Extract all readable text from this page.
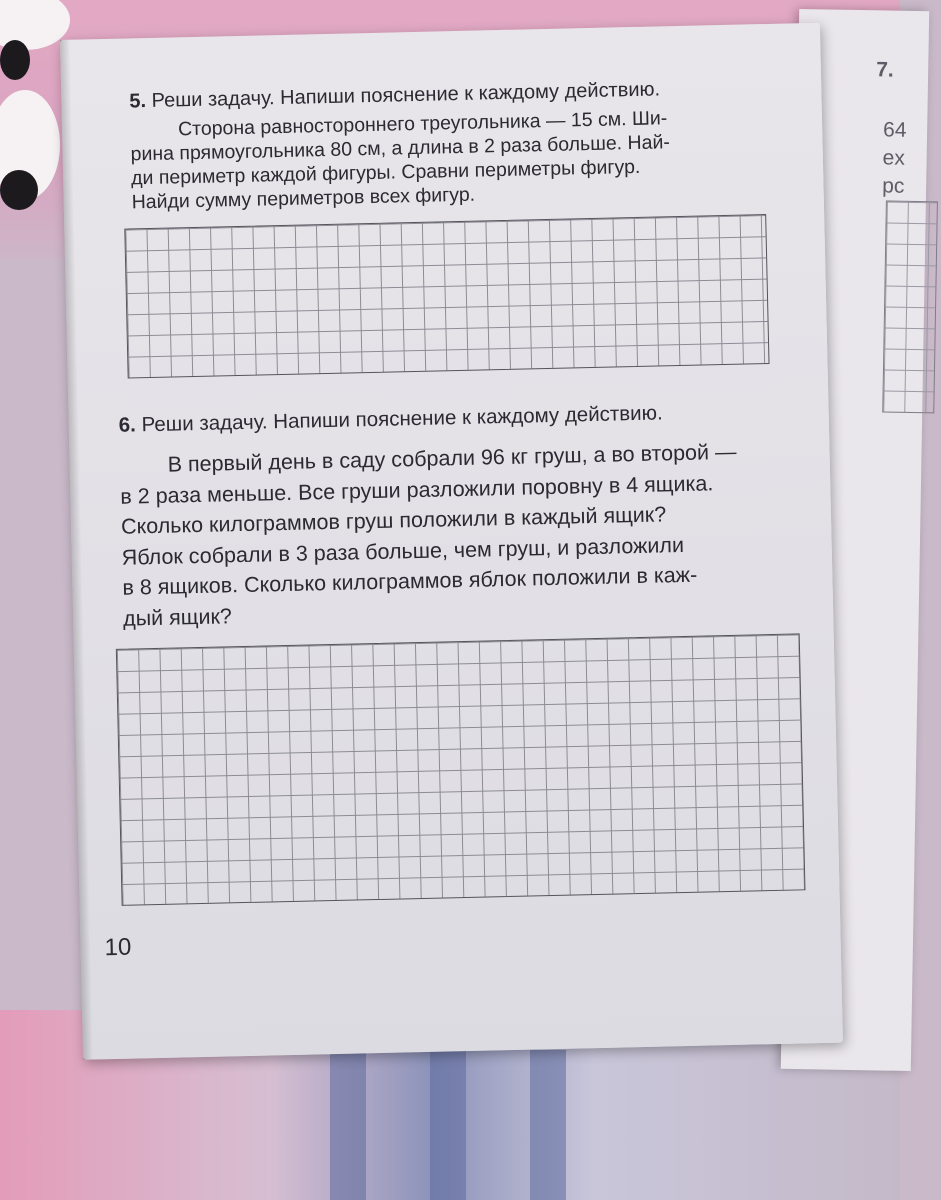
7.
64
ex
рс
5. Реши задачу. Напиши пояснение к каждому действию.

Сторона равностороннего треугольника — 15 см. Ши-
рина прямоугольника 80 см, а длина в 2 раза больше. Най-
ди периметр каждой фигуры. Сравни периметры фигур.
Найди сумму периметров всех фигур.

6. Реши задачу. Напиши пояснение к каждому действию.

В первый день в саду собрали 96 кг груш, а во второй —
в 2 раза меньше. Все груши разложили поровну в 4 ящика.
Сколько килограммов груш положили в каждый ящик?
Яблок собрали в 3 раза больше, чем груш, и разложили
в 8 ящиков. Сколько килограммов яблок положили в каж-
дый ящик?

10
